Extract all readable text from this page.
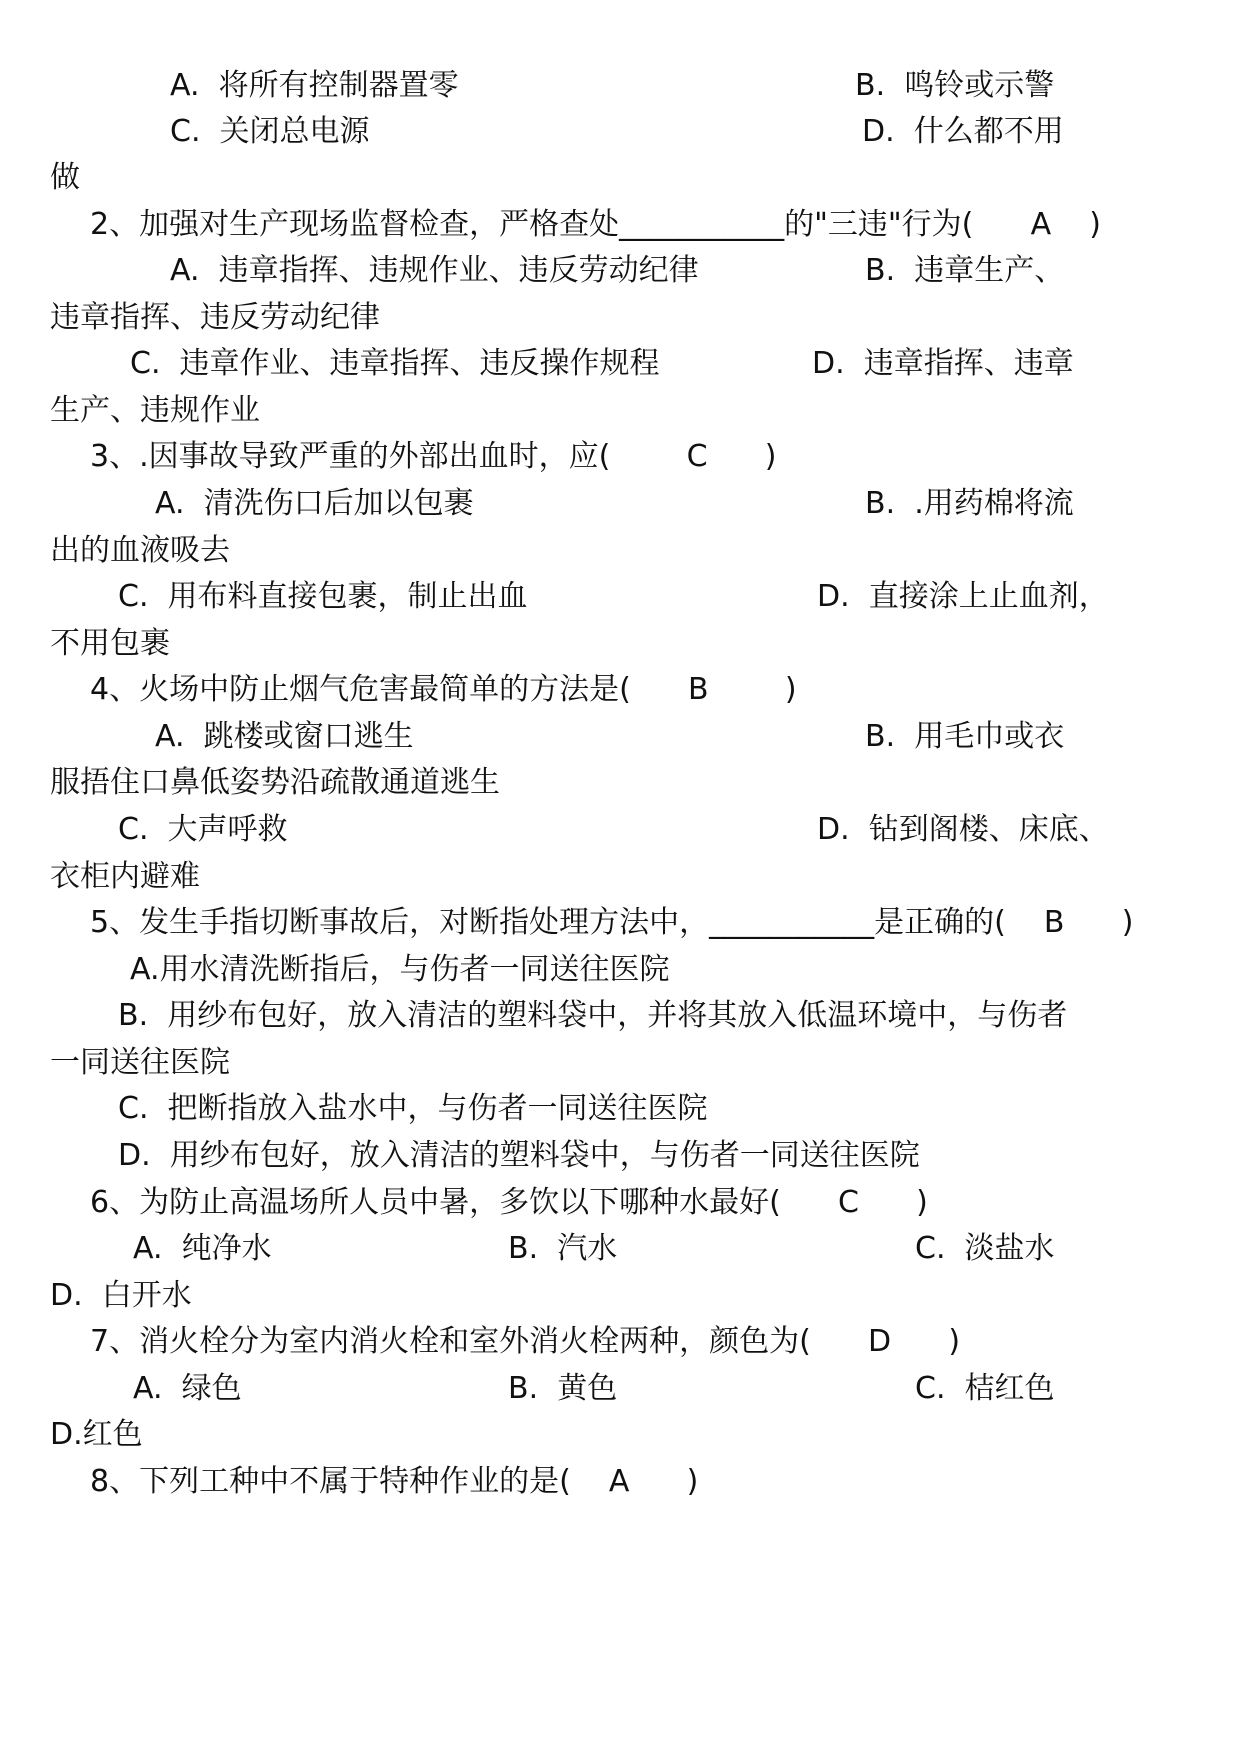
A.  将所有控制器置零	B.  鸣铃或示警
C.  关闭总电源	D.  什么都不用
做
2、加强对生产现场监督检查，严格查处___________的"三违"行为(      A    )
A.  违章指挥、违规作业、违反劳动纪律	B.  违章生产、
违章指挥、违反劳动纪律
C.  违章作业、违章指挥、违反操作规程	D.  违章指挥、违章
生产、违规作业
3、.因事故导致严重的外部出血时，应(        C      )
A.  清洗伤口后加以包裹	B.  .用药棉将流
出的血液吸去
C.  用布料直接包裹，制止出血	D.  直接涂上止血剂，
不用包裹
4、火场中防止烟气危害最简单的方法是(      B        )
A.  跳楼或窗口逃生	B.  用毛巾或衣
服捂住口鼻低姿势沿疏散通道逃生
C.  大声呼救	D.  钻到阁楼、床底、
衣柜内避难
5、发生手指切断事故后，对断指处理方法中，___________是正确的(    B      )
A.用水清洗断指后，与伤者一同送往医院
B.  用纱布包好，放入清洁的塑料袋中，并将其放入低温环境中，与伤者
一同送往医院
C.  把断指放入盐水中，与伤者一同送往医院
D.  用纱布包好，放入清洁的塑料袋中，与伤者一同送往医院
6、为防止高温场所人员中暑，多饮以下哪种水最好(      C      )
A.  纯净水	B.  汽水	C.  淡盐水
D.  白开水
7、消火栓分为室内消火栓和室外消火栓两种，颜色为(      D      )
A.  绿色	B.  黄色	C.  桔红色
D.红色
8、下列工种中不属于特种作业的是(    A      )
